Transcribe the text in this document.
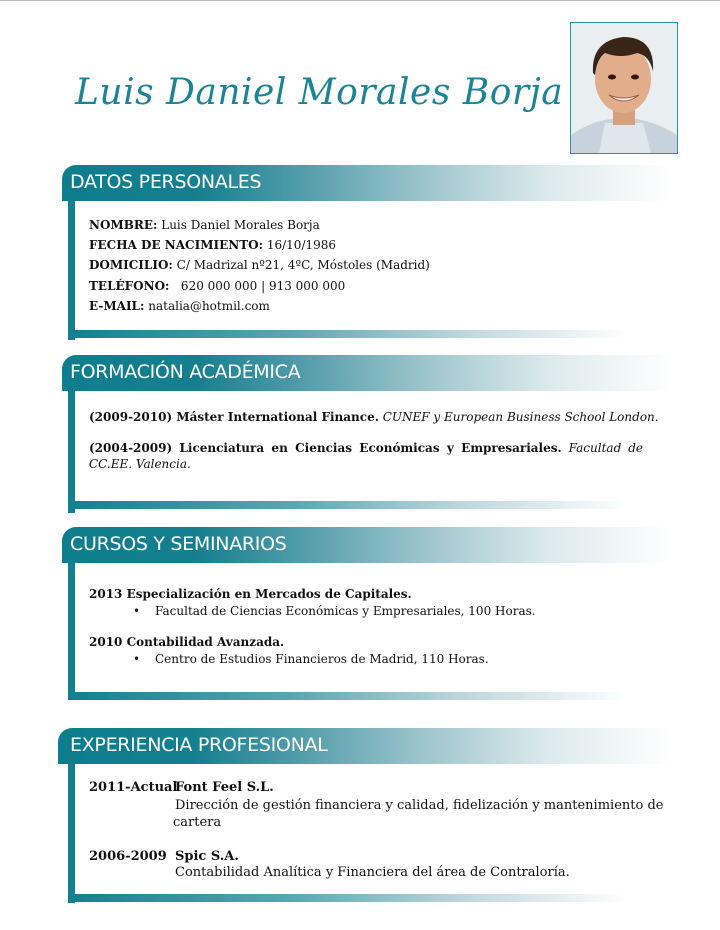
Luis Daniel Morales Borja
DATOS PERSONALES
NOMBRE: Luis Daniel Morales Borja
FECHA DE NACIMIENTO: 16/10/1986
DOMICILIO: C/ Madrizal nº21, 4ºC, Móstoles (Madrid)
TELÉFONO:   620 000 000 | 913 000 000
E-MAIL: natalia@hotmil.com
FORMACIÓN ACADÉMICA
(2009-2010) Máster International Finance. CUNEF y European Business School London.
(2004-2009) Licenciatura en Ciencias Económicas y Empresariales. Facultad de CC.EE. Valencia.
CURSOS Y SEMINARIOS
2013 Especialización en Mercados de Capitales.
• Facultad de Ciencias Económicas y Empresariales, 100 Horas.
2010 Contabilidad Avanzada.
• Centro de Estudios Financieros de Madrid, 110 Horas.
EXPERIENCIA PROFESIONAL
2011-Actual
Font Feel S.L.
Dirección de gestión financiera y calidad, fidelización y mantenimiento de
cartera
2006-2009 Spic S.A.
Contabilidad Analítica y Financiera del área de Contraloría.
